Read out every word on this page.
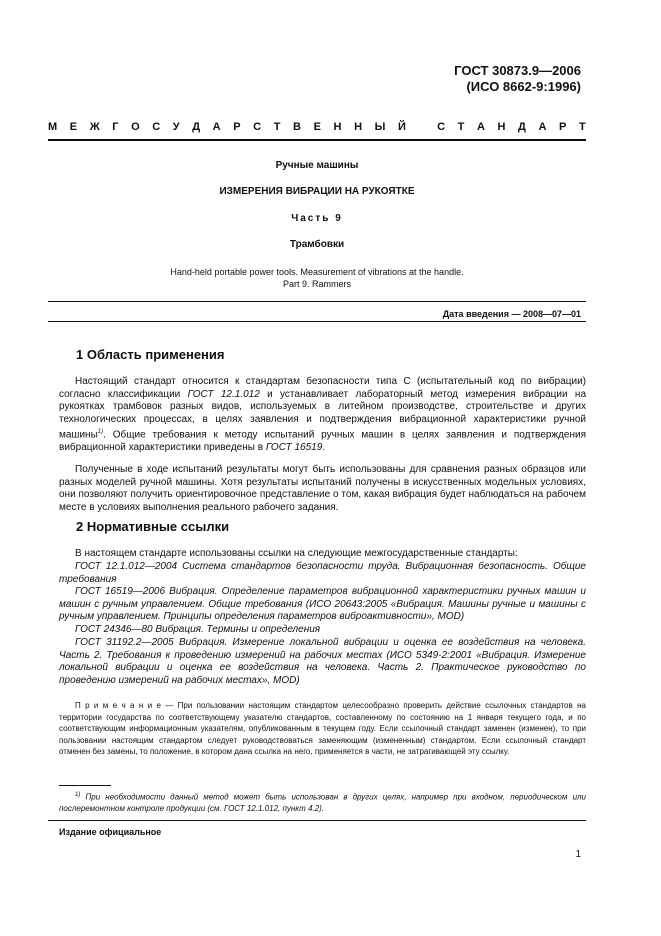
ГОСТ 30873.9—2006
(ИСО 8662-9:1996)
М Е Ж Г О С У Д А Р С Т В Е Н Н Ы Й	С Т А Н Д А Р Т
Ручные машины
ИЗМЕРЕНИЯ ВИБРАЦИИ НА РУКОЯТКЕ
Часть 9
Трамбовки
Hand-held portable power tools. Measurement of vibrations at the handle.
Part 9. Rammers
Дата введения — 2008—07—01
1 Область применения

Настоящий стандарт относится к стандартам безопасности типа С (испытательный код по вибрации) согласно классификации ГОСТ 12.1.012 и устанавливает лабораторный метод измерения вибрации на рукоятках трамбовок разных видов, используемых в литейном производстве, строительстве и других технологических процессах, в целях заявления и подтверждения вибрационной характеристики ручной машины$^{1)}$. Общие требования к методу испытаний ручных машин в целях заявления и подтверждения вибрационной характеристики приведены в ГОСТ 16519.

Полученные в ходе испытаний результаты могут быть использованы для сравнения разных образцов или разных моделей ручной машины. Хотя результаты испытаний получены в искусственных модельных условиях, они позволяют получить ориентировочное представление о том, какая вибрация будет наблюдаться на рабочем месте в условиях выполнения реального рабочего задания.

2 Нормативные ссылки

В настоящем стандарте использованы ссылки на следующие межгосударственные стандарты:

ГОСТ 12.1.012—2004 Система стандартов безопасности труда. Вибрационная безопасность. Общие требования

ГОСТ 16519—2006 Вибрация. Определение параметров вибрационной характеристики ручных машин и машин с ручным управлением. Общие требования (ИСО 20643:2005 «Вибрация. Машины ручные и машины с ручным управлением. Принципы определения параметров виброактивности», MOD)

ГОСТ 24346—80 Вибрация. Термины и определения

ГОСТ 31192.2—2005 Вибрация. Измерение локальной вибрации и оценка ее воздействия на человека. Часть 2. Требования к проведению измерений на рабочих местах (ИСО 5349-2:2001 «Вибрация. Измерение локальной вибрации и оценка ее воздействия на человека. Часть 2. Практическое руководство по проведению измерений на рабочих местах», MOD)

П р и м е ч а н и е — При пользовании настоящим стандартом целесообразно проверить действие ссылочных стандартов на территории государства по соответствующему указателю стандартов, составленному по состоянию на 1 января текущего года, и по соответствующим информационным указателям, опубликованным в текущем году. Если ссылочный стандарт заменен (изменен), то при пользовании настоящим стандартом следует руководствоваться заменяющим (измененным) стандартом. Если ссылочный стандарт отменен без замены, то положение, в котором дана ссылка на него, применяется в части, не затрагивающей эту ссылку.

$^{1)}$ При необходимости данный метод может быть использован в других целях, например при входном, периодическом или послеремонтном контроле продукции (см. ГОСТ 12.1.012, пункт 4.2).

Издание официальное
1
